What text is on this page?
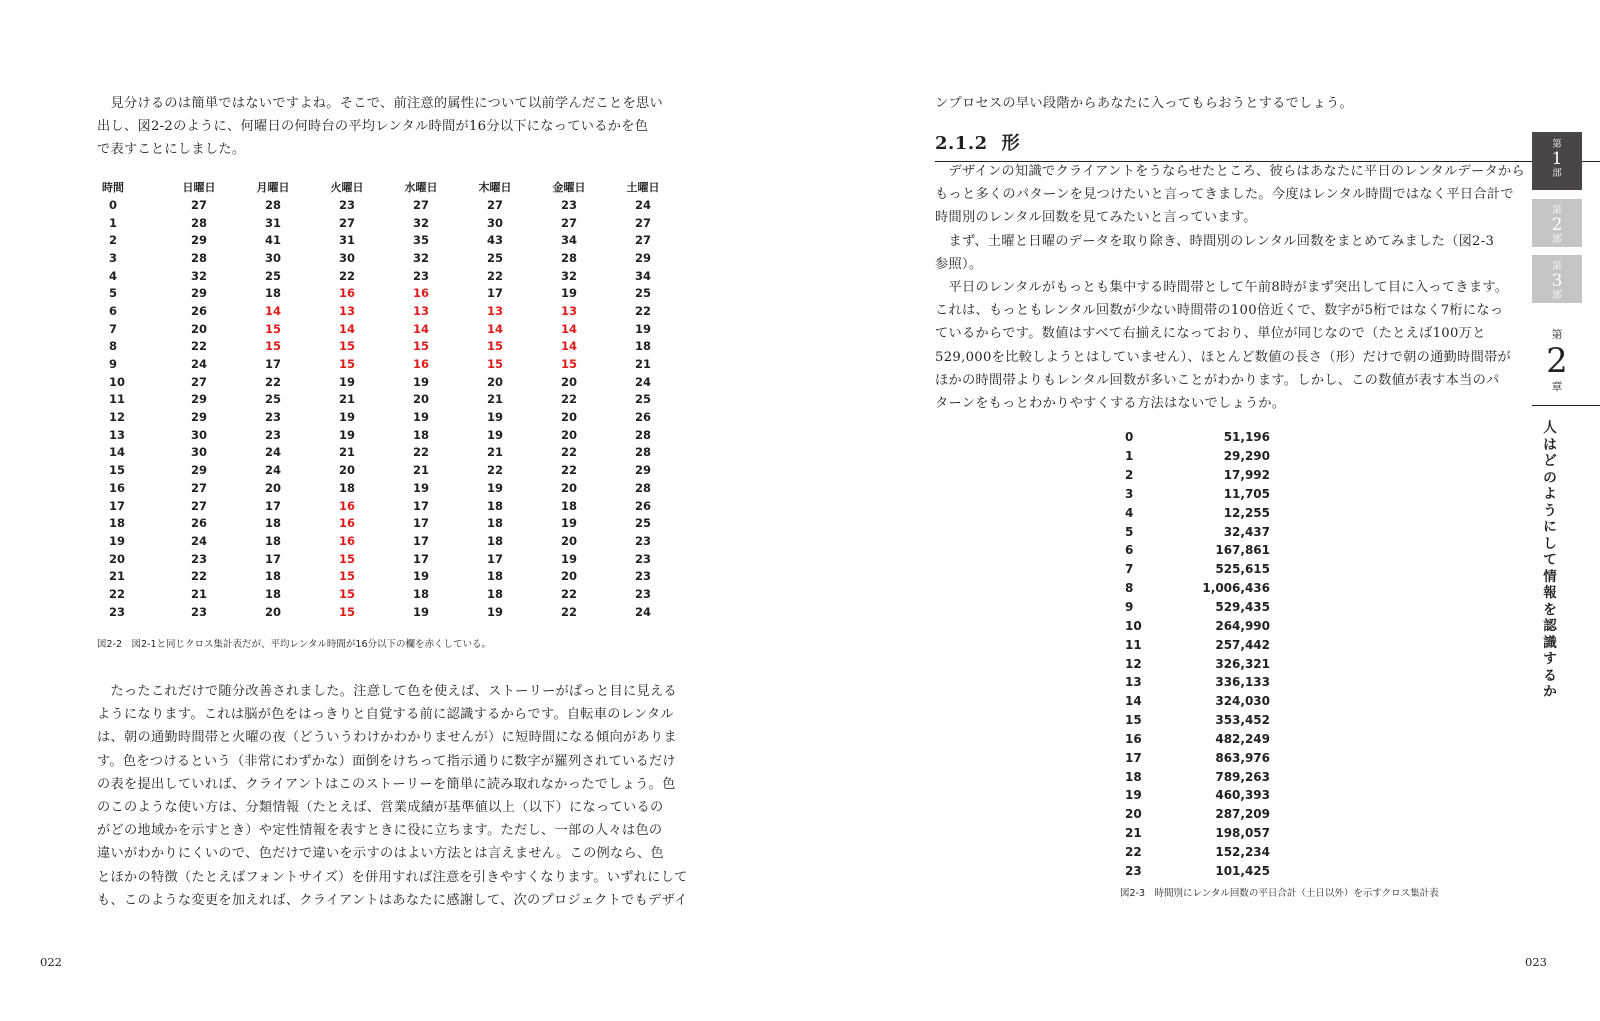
　見分けるのは簡単ではないですよね。そこで、前注意的属性について以前学んだことを思い
出し、図2-2のように、何曜日の何時台の平均レンタル時間が16分以下になっているかを色
で表すことにしました。
時間	日曜日	月曜日	火曜日	水曜日	木曜日	金曜日	土曜日
0	27	28	23	27	27	23	24
1	28	31	27	32	30	27	27
2	29	41	31	35	43	34	27
3	28	30	30	32	25	28	29
4	32	25	22	23	22	32	34
5	29	18	16	16	17	19	25
6	26	14	13	13	13	13	22
7	20	15	14	14	14	14	19
8	22	15	15	15	15	14	18
9	24	17	15	16	15	15	21
10	27	22	19	19	20	20	24
11	29	25	21	20	21	22	25
12	29	23	19	19	19	20	26
13	30	23	19	18	19	20	28
14	30	24	21	22	21	22	28
15	29	24	20	21	22	22	29
16	27	20	18	19	19	20	28
17	27	17	16	17	18	18	26
18	26	18	16	17	18	19	25
19	24	18	16	17	18	20	23
20	23	17	15	17	17	19	23
21	22	18	15	19	18	20	23
22	21	18	15	18	18	22	23
23	23	20	15	19	19	22	24
図2-2　図2-1と同じクロス集計表だが、平均レンタル時間が16分以下の欄を赤くしている。
　たったこれだけで随分改善されました。注意して色を使えば、ストーリーがぱっと目に見える
ようになります。これは脳が色をはっきりと自覚する前に認識するからです。自転車のレンタル
は、朝の通勤時間帯と火曜の夜（どういうわけかわかりませんが）に短時間になる傾向がありま
す。色をつけるという（非常にわずかな）面倒をけちって指示通りに数字が羅列されているだけ
の表を提出していれば、クライアントはこのストーリーを簡単に読み取れなかったでしょう。色
のこのような使い方は、分類情報（たとえば、営業成績が基準値以上（以下）になっているの
がどの地域かを示すとき）や定性情報を表すときに役に立ちます。ただし、一部の人々は色の
違いがわかりにくいので、色だけで違いを示すのはよい方法とは言えません。この例なら、色
とほかの特徴（たとえばフォントサイズ）を併用すれば注意を引きやすくなります。いずれにして
も、このような変更を加えれば、クライアントはあなたに感謝して、次のプロジェクトでもデザイ
022
ンプロセスの早い段階からあなたに入ってもらおうとするでしょう。
2.1.2 形
　デザインの知識でクライアントをうならせたところ、彼らはあなたに平日のレンタルデータから
もっと多くのパターンを見つけたいと言ってきました。今度はレンタル時間ではなく平日合計で
時間別のレンタル回数を見てみたいと言っています。
　まず、土曜と日曜のデータを取り除き、時間別のレンタル回数をまとめてみました（図2-3
参照）。
　平日のレンタルがもっとも集中する時間帯として午前8時がまず突出して目に入ってきます。
これは、もっともレンタル回数が少ない時間帯の100倍近くで、数字が5桁ではなく7桁になっ
ているからです。数値はすべて右揃えになっており、単位が同じなので（たとえば100万と
529,000を比較しようとはしていません）、ほとんど数値の長さ（形）だけで朝の通勤時間帯が
ほかの時間帯よりもレンタル回数が多いことがわかります。しかし、この数値が表す本当のパ
ターンをもっとわかりやすくする方法はないでしょうか。
0	51,196
1	29,290
2	17,992
3	11,705
4	12,255
5	32,437
6	167,861
7	525,615
8	1,006,436
9	529,435
10	264,990
11	257,442
12	326,321
13	336,133
14	324,030
15	353,452
16	482,249
17	863,976
18	789,263
19	460,393
20	287,209
21	198,057
22	152,234
23	101,425
図2-3　時間別にレンタル回数の平日合計（土日以外）を示すクロス集計表
023
第
1
部
第
2
部
第
3
部
第
2
章
人はどのようにして情報を認識するか
